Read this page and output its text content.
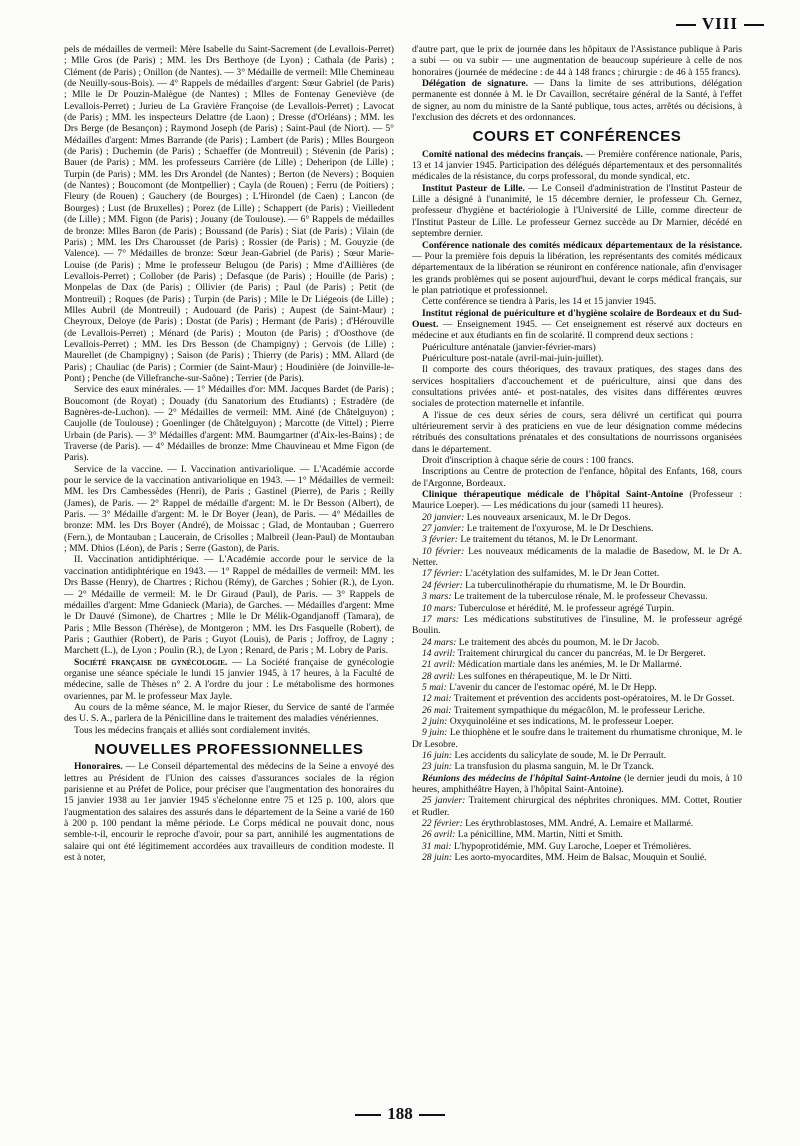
VIII

pels de médailles de vermeil: Mère Isabelle du Saint-Sacrement (de Levallois-Perret) ; Mlle Gros (de Paris) ; MM. les Drs Berthoye (de Lyon) ; Cathala (de Paris) ; Clément (de Paris) ; Onillon (de Nantes). — 3° Médaille de vermeil: Mlle Chemineau (de Neuilly-sous-Bois). — 4° Rappels de médailles d'argent: Sœur Gabriel (de Paris) ; Mlle le Dr Pouzin-Malègue (de Nantes) ; Mlles de Fontenay Geneviève (de Levallois-Perret) ; Jurieu de La Gravière Françoise (de Levallois-Perret) ; Lavocat (de Paris) ; MM. les inspecteurs Delattre (de Laon) ; Dresse (d'Orléans) ; MM. les Drs Berge (de Besançon) ; Raymond Joseph (de Paris) ; Saint-Paul (de Niort). — 5° Médailles d'argent: Mmes Barrande (de Paris) ; Lambert (de Paris) ; Mlles Bourgeon (de Paris) ; Duchemin (de Paris) ; Schaeffer (de Montreuil) ; Stévenin (de Paris) ; Bauer (de Paris) ; MM. les professeurs Carrière (de Lille) ; Deheripon (de Lille) ; Turpin (de Paris) ; MM. les Drs Arondel (de Nantes) ; Berton (de Nevers) ; Boquien (de Nantes) ; Boucomont (de Montpellier) ; Cayla (de Rouen) ; Ferru (de Poitiers) ; Fleury (de Rouen) ; Gauchery (de Bourges) ; L'Hirondel (de Caen) ; Lancon (de Bourges) ; Lust (de Bruxelles) ; Porez (de Lille) ; Schappert (de Paris) ; Vieilledent (de Lille) ; MM. Figon (de Paris) ; Jouany (de Toulouse). — 6° Rappels de médailles de bronze: Mlles Baron (de Paris) ; Boussand (de Paris) ; Siat (de Paris) ; Vilain (de Paris) ; MM. les Drs Charousset (de Paris) ; Rossier (de Paris) ; M. Gouyzie (de Valence). — 7° Médailles de bronze: Sœur Jean-Gabriel (de Paris) ; Sœur Marie-Louise (de Paris) ; Mme le professeur Belugou (de Paris) ; Mme d'Aillières (de Levallois-Perret) ; Collober (de Paris) ; Defasque (de Paris) ; Houille (de Paris) ; Monpelas de Dax (de Paris) ; Ollivier (de Paris) ; Paul (de Paris) ; Petit (de Montreuil) ; Roques (de Paris) ; Turpin (de Paris) ; Mlle le Dr Liégeois (de Lille) ; Mlles Aubril (de Montreuil) ; Audouard (de Paris) ; Aupest (de Saint-Maur) ; Cheyroux, Deloye (de Paris) ; Dostat (de Paris) ; Hermant (de Paris) ; d'Hérouville (de Levallois-Perret) ; Ménard (de Paris) ; Mouton (de Paris) ; d'Oosthove (de Levallois-Perret) ; MM. les Drs Besson (de Champigny) ; Gervois (de Lille) ; Maurellet (de Champigny) ; Saison (de Paris) ; Thierry (de Paris) ; MM. Allard (de Paris) ; Chauliac (de Paris) ; Cormier (de Saint-Maur) ; Houdinière (de Joinville-le-Pont) ; Penche (de Villefranche-sur-Saône) ; Terrier (de Paris).

Service des eaux minérales. — 1° Médailles d'or: MM. Jacques Bardet (de Paris) ; Boucomont (de Royat) ; Douady (du Sanatorium des Etudiants) ; Estradère (de Bagnères-de-Luchon). — 2° Médailles de vermeil: MM. Ainé (de Châtelguyon) ; Caujolle (de Toulouse) ; Goenlinger (de Châtelguyon) ; Marcotte (de Vittel) ; Pierre Urbain (de Paris). — 3° Médailles d'argent: MM. Baumgartner (d'Aix-les-Bains) ; de Traverse (de Paris). — 4° Médailles de bronze: Mme Chauvineau et Mme Figon (de Paris).

Service de la vaccine. — I. Vaccination antivariolique. — L'Académie accorde pour le service de la vaccination antivariolique en 1943. — 1° Médailles de vermeil: MM. les Drs Cambessèdes (Henri), de Paris ; Gastinel (Pierre), de Paris ; Reilly (James), de Paris. — 2° Rappel de médaille d'argent: M. le Dr Besson (Albert), de Paris. — 3° Médaille d'argent: M. le Dr Boyer (Jean), de Paris. — 4° Médailles de bronze: MM. les Drs Boyer (André), de Moissac ; Glad, de Montauban ; Guerrero (Fern.), de Montauban ; Laucerain, de Crisolles ; Malbreil (Jean-Paul) de Montauban ; MM. Dhios (Léon), de Paris ; Serre (Gaston), de Paris.

II. Vaccination antidiphtérique. — L'Académie accorde pour le service de la vaccination antidiphtérique en 1943. — 1° Rappel de médailles de vermeil: MM. les Drs Basse (Henry), de Chartres ; Richou (Rémy), de Garches ; Sohier (R.), de Lyon. — 2° Médaille de vermeil: M. le Dr Giraud (Paul), de Paris. — 3° Rappels de médailles d'argent: Mme Gdanieck (Maria), de Garches. — Médailles d'argent: Mme le Dr Dauvé (Simone), de Chartres ; Mlle le Dr Mélik-Ogandjanoff (Tamara), de Paris ; Mlle Besson (Thérèse), de Montgeron ; MM. les Drs Fasquelle (Robert), de Paris ; Gauthier (Robert), de Paris ; Guyot (Louis), de Paris ; Joffroy, de Lagny ; Marchett (L.), de Lyon ; Poulin (R.), de Lyon ; Renard, de Paris ; M. Lobry de Paris.

Société française de gynécologie. — La Société française de gynécologie organise une séance spéciale le lundi 15 janvier 1945, à 17 heures, à la Faculté de médecine, salle de Thèses n° 2. A l'ordre du jour : Le métabolisme des hormones ovariennes, par M. le professeur Max Jayle.

Au cours de la même séance, M. le major Rieser, du Service de santé de l'armée des U. S. A., parlera de la Pénicilline dans le traitement des maladies vénériennes.

Tous les médecins français et alliés sont cordialement invités.

NOUVELLES PROFESSIONNELLES

Honoraires. — Le Conseil départemental des médecins de la Seine a envoyé des lettres au Président de l'Union des caisses d'assurances sociales de la région parisienne et au Préfet de Police, pour préciser que l'augmentation des honoraires du 15 janvier 1938 au 1er janvier 1945 s'échelonne entre 75 et 125 p. 100, alors que l'augmentation des salaires des assurés dans le département de la Seine a varié de 160 à 200 p. 100 pendant la même période. Le Corps médical ne pouvait donc, nous semble-t-il, encourir le reproche d'avoir, pour sa part, annihilé les augmentations de salaire qui ont été légitimement accordées aux travailleurs de condition modeste. Il est à noter,

d'autre part, que le prix de journée dans les hôpitaux de l'Assistance publique à Paris a subi — ou va subir — une augmentation de beaucoup supérieure à celle de nos honoraires (journée de médecine : de 44 à 148 francs ; chirurgie : de 46 à 155 francs).

Délégation de signature. — Dans la limite de ses attributions, délégation permanente est donnée à M. le Dr Cavaillon, secrétaire général de la Santé, à l'effet de signer, au nom du ministre de la Santé publique, tous actes, arrêtés ou décisions, à l'exclusion des décrets et des ordonnances.

COURS ET CONFÉRENCES

Comité national des médecins français. — Première conférence nationale, Paris, 13 et 14 janvier 1945. Participation des délégués départementaux et des personnalités médicales de la résistance, du corps professoral, du monde syndical, etc.

Institut Pasteur de Lille. — Le Conseil d'administration de l'Institut Pasteur de Lille a désigné à l'unanimité, le 15 décembre dernier, le professeur Ch. Gernez, professeur d'hygiène et bactériologie à l'Université de Lille, comme directeur de l'Institut Pasteur de Lille. Le professeur Gernez succède au Dr Marnier, décédé en septembre dernier.

Conférence nationale des comités médicaux départementaux de la résistance. — Pour la première fois depuis la libération, les représentants des comités médicaux départementaux de la libération se réuniront en conférence nationale, afin d'envisager les grands problèmes qui se posent aujourd'hui, devant le corps médical français, sur le plan patriotique et professionnel.

Cette conférence se tiendra à Paris, les 14 et 15 janvier 1945.

Institut régional de puériculture et d'hygiène scolaire de Bordeaux et du Sud-Ouest. — Enseignement 1945. — Cet enseignement est réservé aux docteurs en médecine et aux étudiants en fin de scolarité. Il comprend deux sections :

Puériculture anténatale (janvier-février-mars)

Puériculture post-natale (avril-mai-juin-juillet).

Il comporte des cours théoriques, des travaux pratiques, des stages dans des services hospitaliers d'accouchement et de puériculture, ainsi que dans des consultations privées anté- et post-natales, des visites dans différentes œuvres sociales de protection maternelle et infantile.

A l'issue de ces deux séries de cours, sera délivré un certificat qui pourra ultérieurement servir à des praticiens en vue de leur désignation comme médecins rétribués des consultations prénatales et des consultations de nourrissons organisées dans le département.

Droit d'inscription à chaque série de cours : 100 francs.

Inscriptions au Centre de protection de l'enfance, hôpital des Enfants, 168, cours de l'Argonne, Bordeaux.

Clinique thérapeutique médicale de l'hôpital Saint-Antoine (Professeur : Maurice Loeper). — Les médications du jour (samedi 11 heures).

20 janvier: Les nouveaux arsenicaux, M. le Dr Degos.

27 janvier: Le traitement de l'oxyurose, M. le Dr Deschiens.

3 février: Le traitement du tétanos, M. le Dr Lenormant.

10 février: Les nouveaux médicaments de la maladie de Basedow, M. le Dr A. Netter.

17 février: L'acétylation des sulfamides, M. le Dr Jean Cottet.

24 février: La tuberculinothérapie du rhumatisme, M. le Dr Bourdin.

3 mars: Le traitement de la tuberculose rénale, M. le professeur Chevassu.

10 mars: Tuberculose et hérédité, M. le professeur agrégé Turpin.

17 mars: Les médications substitutives de l'insuline, M. le professeur agrégé Boulin.

24 mars: Le traitement des abcès du poumon, M. le Dr Jacob.

14 avril: Traitement chirurgical du cancer du pancréas, M. le Dr Bergeret.

21 avril: Médication martiale dans les anémies, M. le Dr Mallarmé.

28 avril: Les sulfones en thérapeutique, M. le Dr Nitti.

5 mai: L'avenir du cancer de l'estomac opéré, M. le Dr Hepp.

12 mai: Traitement et prévention des accidents post-opératoires, M. le Dr Gosset.

26 mai: Traitement sympathique du mégacôlon, M. le professeur Leriche.

2 juin: Oxyquinoléine et ses indications, M. le professeur Loeper.

9 juin: Le thiophène et le soufre dans le traitement du rhumatisme chronique, M. le Dr Lesobre.

16 juin: Les accidents du salicylate de soude, M. le Dr Perrault.

23 juin: La transfusion du plasma sanguin, M. le Dr Tzanck.

Réunions des médecins de l'hôpital Saint-Antoine (le dernier jeudi du mois, à 10 heures, amphithéâtre Hayen, à l'hôpital Saint-Antoine).

25 janvier: Traitement chirurgical des néphrites chroniques. MM. Cottet, Routier et Rudler.

22 février: Les érythroblastoses, MM. André, A. Lemaire et Mallarmé.

26 avril: La pénicilline, MM. Martin, Nitti et Smith.

31 mai: L'hypoprotidémie, MM. Guy Laroche, Loeper et Trémolières.

28 juin: Les aorto-myocardites, MM. Heim de Balsac, Mouquin et Soulié.

188
